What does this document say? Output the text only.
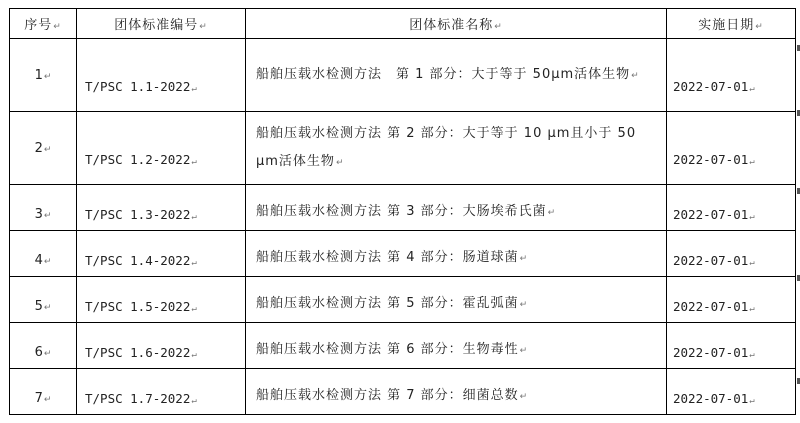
序号↵	团体标准编号↵	团体标准名称↵	实施日期↵
1↵	T/PSC 1.1-2022↵	船舶压载水检测方法　第 1 部分：大于等于 50μm活体生物↵	2022-07-01↵
2↵	T/PSC 1.2-2022↵	船舶压载水检测方法 第 2 部分：大于等于 10 μm且小于 50 μm活体生物↵	2022-07-01↵
3↵	T/PSC 1.3-2022↵	船舶压载水检测方法 第 3 部分：大肠埃希氏菌↵	2022-07-01↵
4↵	T/PSC 1.4-2022↵	船舶压载水检测方法 第 4 部分：肠道球菌↵	2022-07-01↵
5↵	T/PSC 1.5-2022↵	船舶压载水检测方法 第 5 部分：霍乱弧菌↵	2022-07-01↵
6↵	T/PSC 1.6-2022↵	船舶压载水检测方法 第 6 部分：生物毒性↵	2022-07-01↵
7↵	T/PSC 1.7-2022↵	船舶压载水检测方法 第 7 部分：细菌总数↵	2022-07-01↵
